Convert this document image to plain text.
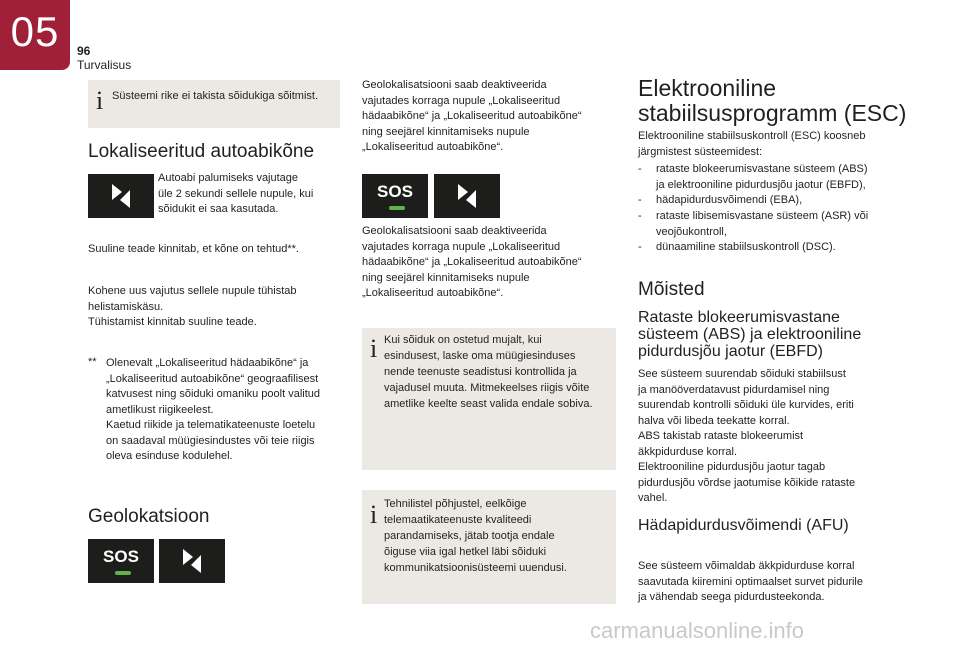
05	96
Turvalisus
i Süsteemi rike ei takista sõidukiga sõitmist.
Lokaliseeritud autoabikõne
Autoabi palumiseks vajutage
üle 2 sekundi sellele nupule, kui
sõidukit ei saa kasutada.
Suuline teade kinnitab, et kõne on tehtud**.
Kohene uus vajutus sellele nupule tühistab
helistamiskäsu.
Tühistamist kinnitab suuline teade.
** Olenevalt „Lokaliseeritud hädaabikõne“ ja
„Lokaliseeritud autoabikõne“ geograafilisest
katvusest ning sõiduki omaniku poolt valitud
ametlikust riigikeelest.
Kaetud riikide ja telematikateenuste loetelu
on saadaval müügiesindustes või teie riigis
oleva esinduse kodulehel.
Geolokatsioon
SOS
Geolokalisatsiooni saab deaktiveerida
vajutades korraga nupule „Lokaliseeritud
hädaabikõne“ ja „Lokaliseeritud autoabikõne“
ning seejärel kinnitamiseks nupule
„Lokaliseeritud autoabikõne“.
SOS
Geolokalisatsiooni saab deaktiveerida
vajutades korraga nupule „Lokaliseeritud
hädaabikõne“ ja „Lokaliseeritud autoabikõne“
ning seejärel kinnitamiseks nupule
„Lokaliseeritud autoabikõne“.
i Kui sõiduk on ostetud mujalt, kui
esindusest, laske oma müügiesinduses
nende teenuste seadistusi kontrollida ja
vajadusel muuta. Mitmekeelses riigis võite
ametlike keelte seast valida endale sobiva.
i Tehnilistel põhjustel, eelkõige
telemaatikateenuste kvaliteedi
parandamiseks, jätab tootja endale
õiguse viia igal hetkel läbi sõiduki
kommunikatsioonisüsteemi uuendusi.
Elektrooniline
stabiilsusprogramm (ESC)
Elektrooniline stabiilsuskontroll (ESC) koosneb
järgmistest süsteemidest:
- rataste blokeerumisvastane süsteem (ABS)
ja elektrooniline pidurdusjõu jaotur (EBFD),
- hädapidurdusvõimendi (EBA),
- rataste libisemisvastane süsteem (ASR) või
veojõukontroll,
- dünaamiline stabiilsuskontroll (DSC).
Mõisted
Rataste blokeerumisvastane
süsteem (ABS) ja elektrooniline
pidurdusjõu jaotur (EBFD)
See süsteem suurendab sõiduki stabiilsust
ja manööverdatavust pidurdamisel ning
suurendab kontrolli sõiduki üle kurvides, eriti
halva või libeda teekatte korral.
ABS takistab rataste blokeerumist
äkkpidurduse korral.
Elektrooniline pidurdusjõu jaotur tagab
pidurdusjõu võrdse jaotumise kõikide rataste
vahel.
Hädapidurdusvõimendi (AFU)
See süsteem võimaldab äkkpidurduse korral
saavutada kiiremini optimaalset survet pidurile
ja vähendab seega pidurdusteekonda.
carmanualsonline.info
